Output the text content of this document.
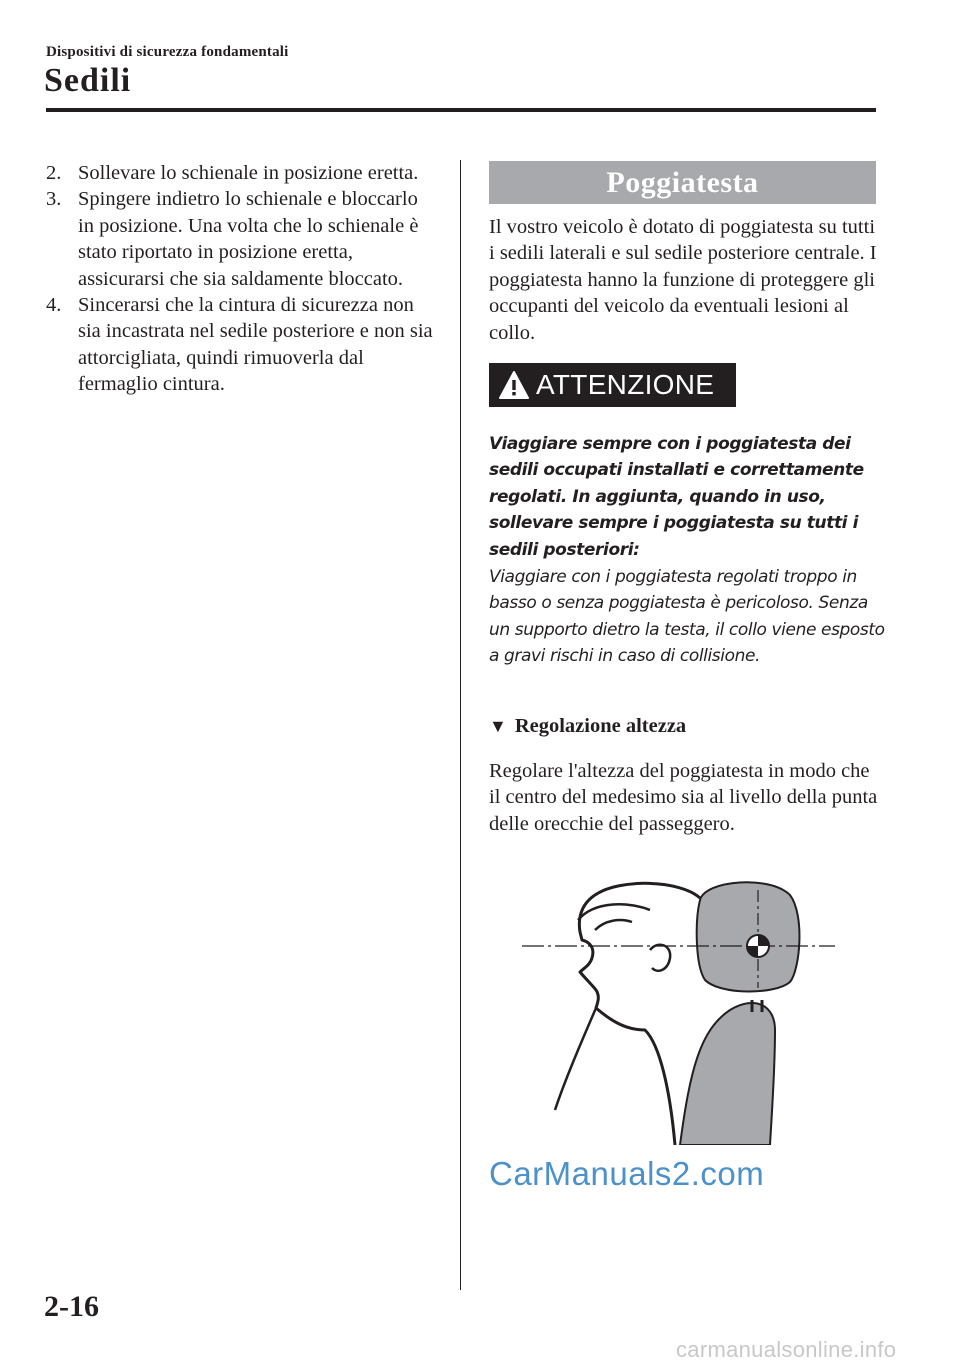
Dispositivi di sicurezza fondamentali
Sedili
2. Sollevare lo schienale in posizione eretta.
3. Spingere indietro lo schienale e bloccarlo in posizione. Una volta che lo schienale è stato riportato in posizione eretta, assicurarsi che sia saldamente bloccato.
4. Sincerarsi che la cintura di sicurezza non sia incastrata nel sedile posteriore e non sia attorcigliata, quindi rimuoverla dal fermaglio cintura.
Poggiatesta
Il vostro veicolo è dotato di poggiatesta su tutti i sedili laterali e sul sedile posteriore centrale. I poggiatesta hanno la funzione di proteggere gli occupanti del veicolo da eventuali lesioni al collo.
ATTENZIONE
Viaggiare sempre con i poggiatesta dei sedili occupati installati e correttamente regolati. In aggiunta, quando in uso, sollevare sempre i poggiatesta su tutti i sedili posteriori:
Viaggiare con i poggiatesta regolati troppo in basso o senza poggiatesta è pericoloso. Senza un supporto dietro la testa, il collo viene esposto a gravi rischi in caso di collisione.
▼ Regolazione altezza
Regolare l'altezza del poggiatesta in modo che il centro del medesimo sia al livello della punta delle orecchie del passeggero.
CarManuals2.com
2-16
carmanualsonline.info
